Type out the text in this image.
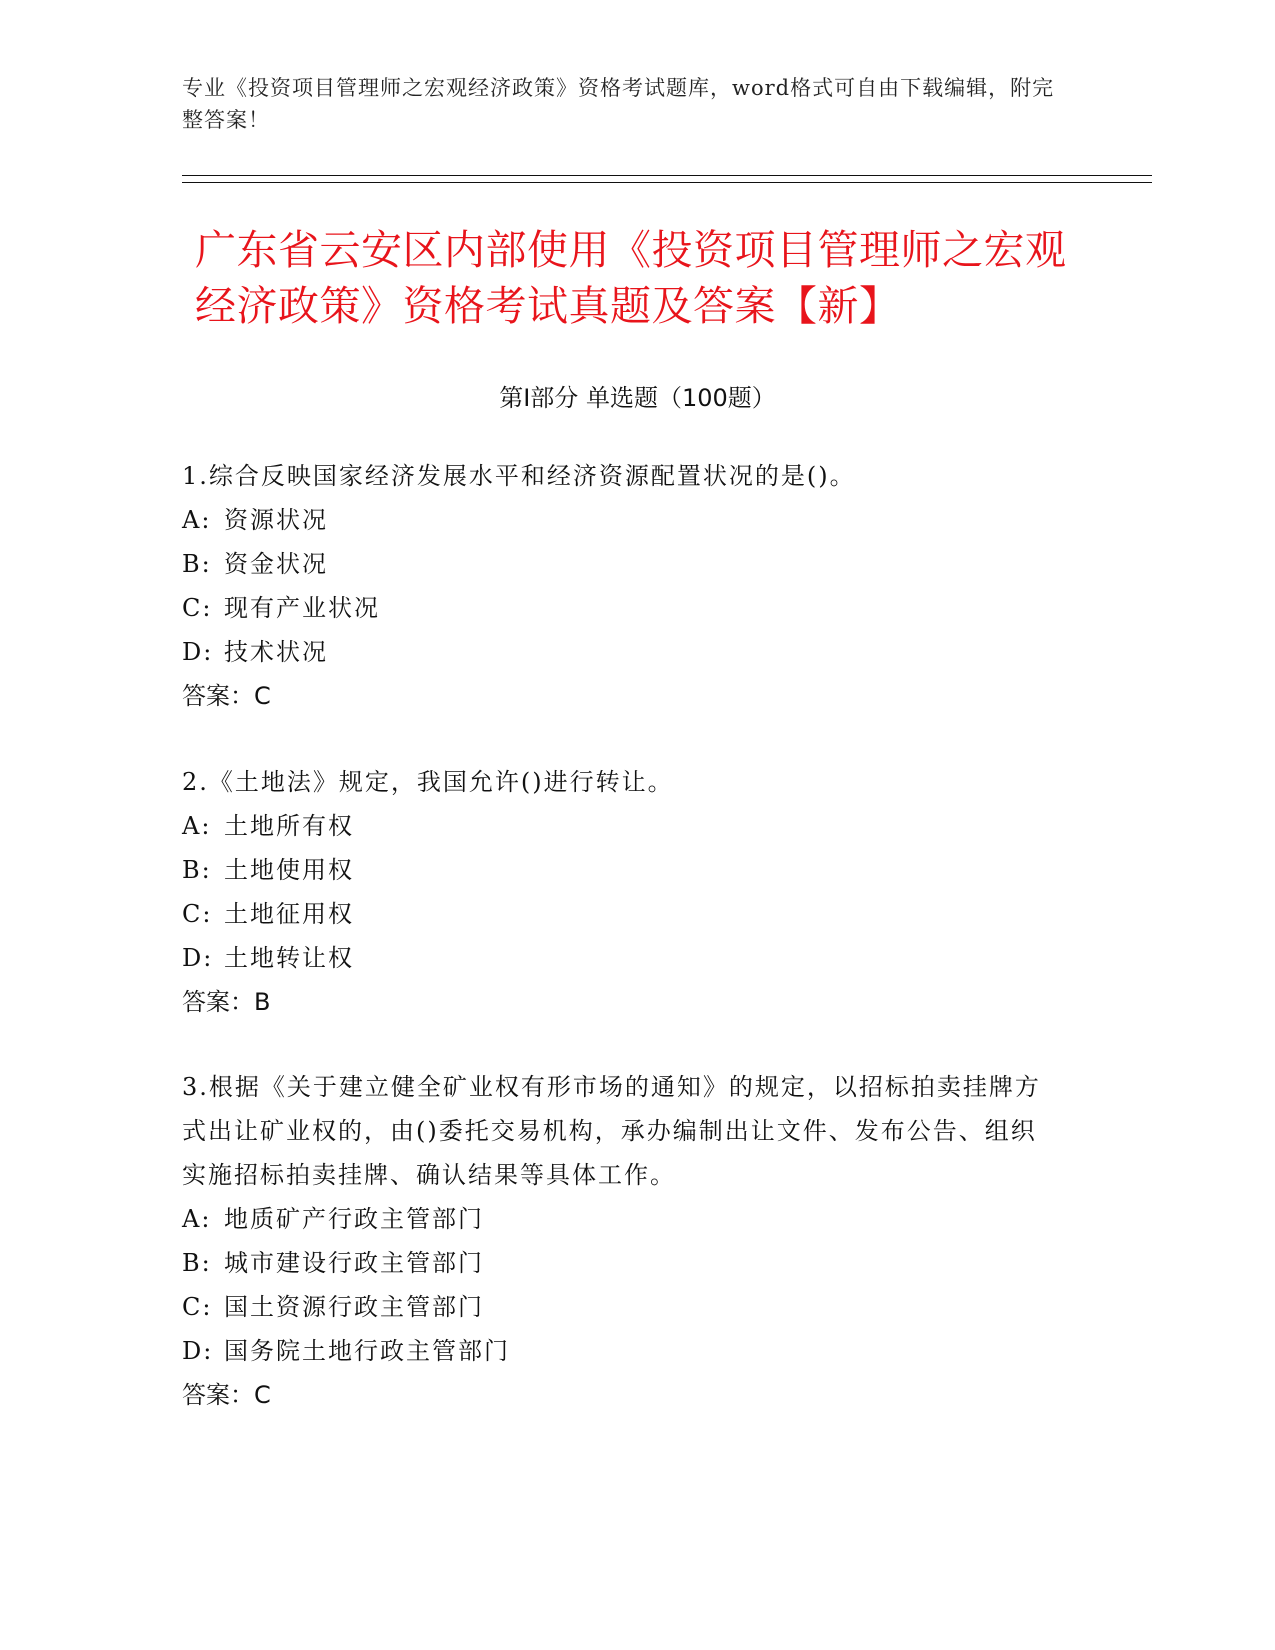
专业《投资项目管理师之宏观经济政策》资格考试题库，word格式可自由下载编辑，附完整答案！
广东省云安区内部使用《投资项目管理师之宏观经济政策》资格考试真题及答案【新】
第Ⅰ部分 单选题（100题）
1.综合反映国家经济发展水平和经济资源配置状况的是()。
A: 资源状况
B: 资金状况
C: 现有产业状况
D: 技术状况
答案：C
2.《土地法》规定，我国允许()进行转让。
A: 土地所有权
B: 土地使用权
C: 土地征用权
D: 土地转让权
答案：B
3.根据《关于建立健全矿业权有形市场的通知》的规定，以招标拍卖挂牌方式出让矿业权的，由()委托交易机构，承办编制出让文件、发布公告、组织实施招标拍卖挂牌、确认结果等具体工作。
A: 地质矿产行政主管部门
B: 城市建设行政主管部门
C: 国土资源行政主管部门
D: 国务院土地行政主管部门
答案：C
